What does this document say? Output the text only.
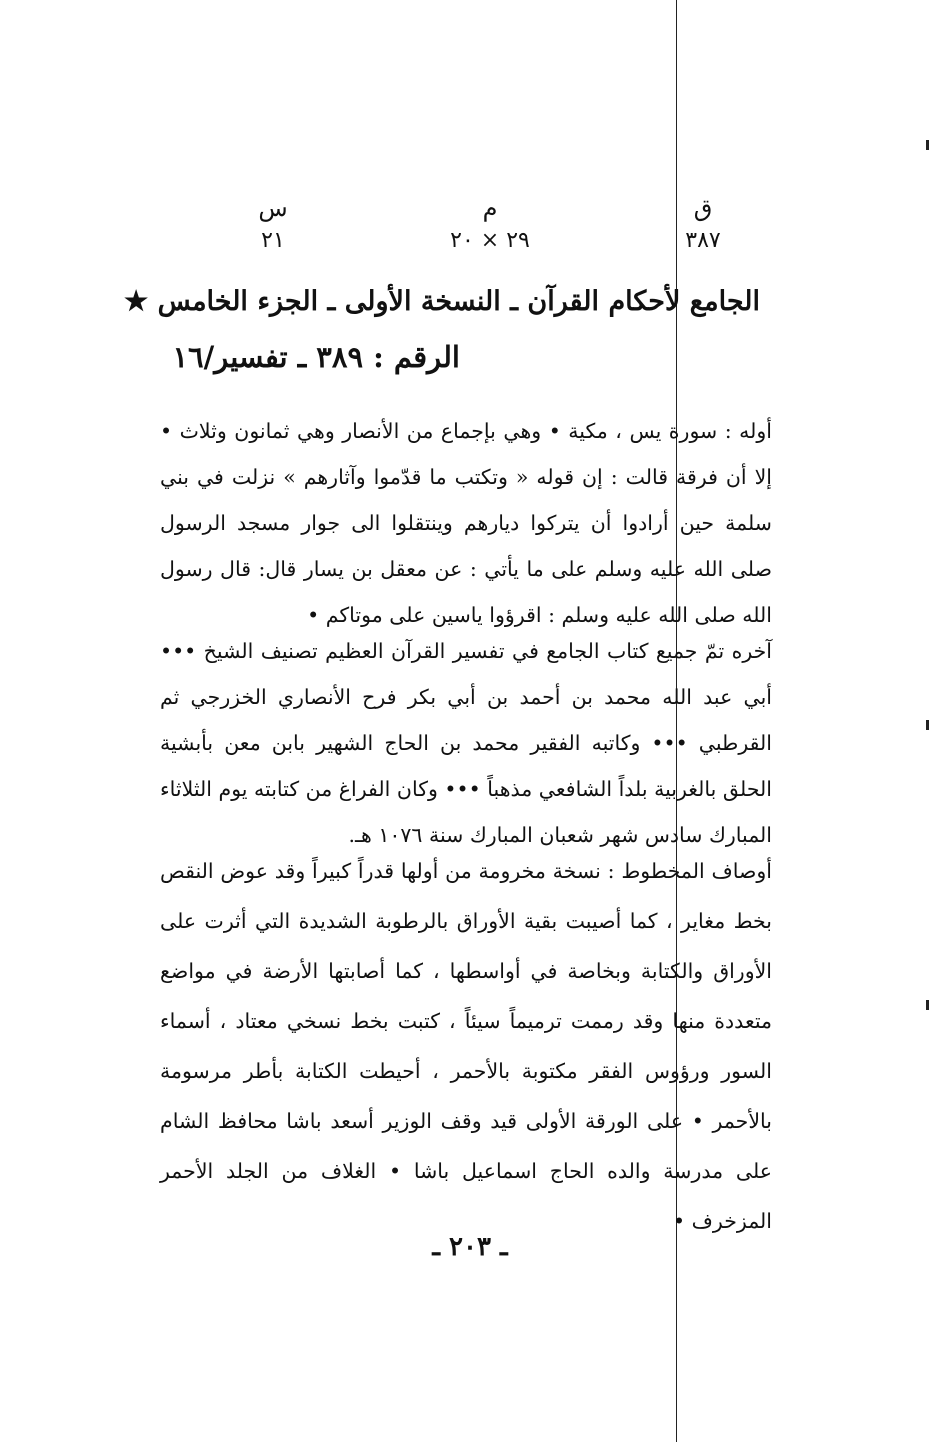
ق
٣٨٧
م
٢٩ × ٢٠
س
٢١
الجامع لأحكام القرآن ـ النسخة الأولى ـ الجزء الخامس ★
الرقم : ٣٨٩ ـ تفسير/١٦

أوله : سورة يس ، مكية • وهي بإجماع من الأنصار وهي ثمانون وثلاث • إلا أن فرقة قالت : إن قوله « وتكتب ما قدّموا وآثارهم » نزلت في بني سلمة حين أرادوا أن يتركوا ديارهم وينتقلوا الى جوار مسجد الرسول صلى الله عليه وسلم على ما يأتي : عن معقل بن يسار قال: قال رسول الله صلى الله عليه وسلم : اقرؤوا ياسين على موتاكم •

آخره تمّ جميع كتاب الجامع في تفسير القرآن العظيم تصنيف الشيخ ••• أبي عبد الله محمد بن أحمد بن أبي بكر فرح الأنصاري الخزرجي ثم القرطبي ••• وكاتبه الفقير محمد بن الحاج الشهير بابن معن بأبشية الحلق بالغربية بلداً الشافعي مذهباً ••• وكان الفراغ من كتابته يوم الثلاثاء المبارك سادس شهر شعبان المبارك سنة ١٠٧٦ هـ.

أوصاف المخطوط : نسخة مخرومة من أولها قدراً كبيراً وقد عوض النقص بخط مغاير ، كما أصيبت بقية الأوراق بالرطوبة الشديدة التي أثرت على الأوراق والكتابة وبخاصة في أواسطها ، كما أصابتها الأرضة في مواضع متعددة منها وقد رممت ترميماً سيئاً ، كتبت بخط نسخي معتاد ، أسماء السور ورؤوس الفقر مكتوبة بالأحمر ، أحيطت الكتابة بأطر مرسومة بالأحمر • على الورقة الأولى قيد وقف الوزير أسعد باشا محافظ الشام على مدرسة والده الحاج اسماعيل باشا • الغلاف من الجلد الأحمر المزخرف •

ـ ٢٠٣ ـ
